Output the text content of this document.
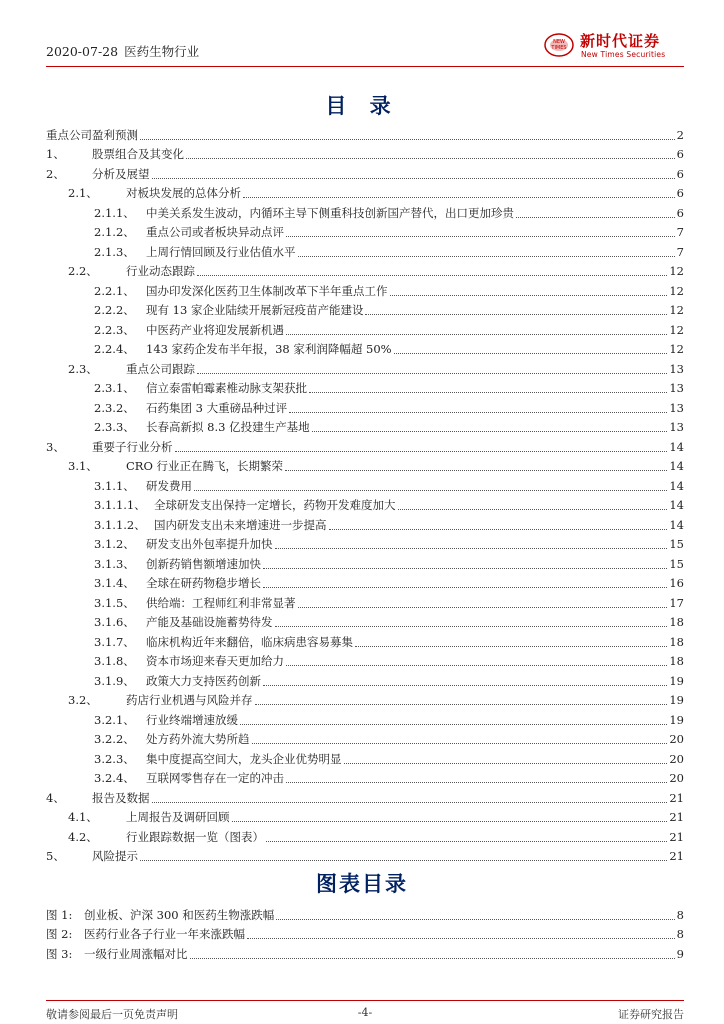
2020-07-28 医药生物行业
NEW
TIMES 新时代证券
New Times Securities
目 录
重点公司盈利预测	2
1、 股票组合及其变化	6
2、 分析及展望	6
2.1、 对板块发展的总体分析	6
2.1.1、 中美关系发生波动，内循环主导下侧重科技创新国产替代，出口更加珍贵	6
2.1.2、 重点公司或者板块异动点评	7
2.1.3、 上周行情回顾及行业估值水平	7
2.2、 行业动态跟踪	12
2.2.1、 国办印发深化医药卫生体制改革下半年重点工作	12
2.2.2、 现有 13 家企业陆续开展新冠疫苗产能建设	12
2.2.3、 中医药产业将迎发展新机遇	12
2.2.4、 143 家药企发布半年报，38 家利润降幅超 50%	12
2.3、 重点公司跟踪	13
2.3.1、 信立泰雷帕霉素椎动脉支架获批	13
2.3.2、 石药集团 3 大重磅品种过评	13
2.3.3、 长春高新拟 8.3 亿投建生产基地	13
3、 重要子行业分析	14
3.1、 CRO 行业正在腾飞，长期繁荣	14
3.1.1、 研发费用	14
3.1.1.1、 全球研发支出保持一定增长，药物开发难度加大	14
3.1.1.2、 国内研发支出未来增速进一步提高	14
3.1.2、 研发支出外包率提升加快	15
3.1.3、 创新药销售额增速加快	15
3.1.4、 全球在研药物稳步增长	16
3.1.5、 供给端：工程师红利非常显著	17
3.1.6、 产能及基础设施蓄势待发	18
3.1.7、 临床机构近年来翻倍，临床病患容易募集	18
3.1.8、 资本市场迎来春天更加给力	18
3.1.9、 政策大力支持医药创新	19
3.2、 药店行业机遇与风险并存	19
3.2.1、 行业终端增速放缓	19
3.2.2、 处方药外流大势所趋	20
3.2.3、 集中度提高空间大，龙头企业优势明显	20
3.2.4、 互联网零售存在一定的冲击	20
4、 报告及数据	21
4.1、 上周报告及调研回顾	21
4.2、 行业跟踪数据一览（图表）	21
5、 风险提示	21
图表目录
图 1: 创业板、沪深 300 和医药生物涨跌幅	8
图 2: 医药行业各子行业一年来涨跌幅	8
图 3: 一级行业周涨幅对比	9
敬请参阅最后一页免责声明	-4-	证券研究报告
